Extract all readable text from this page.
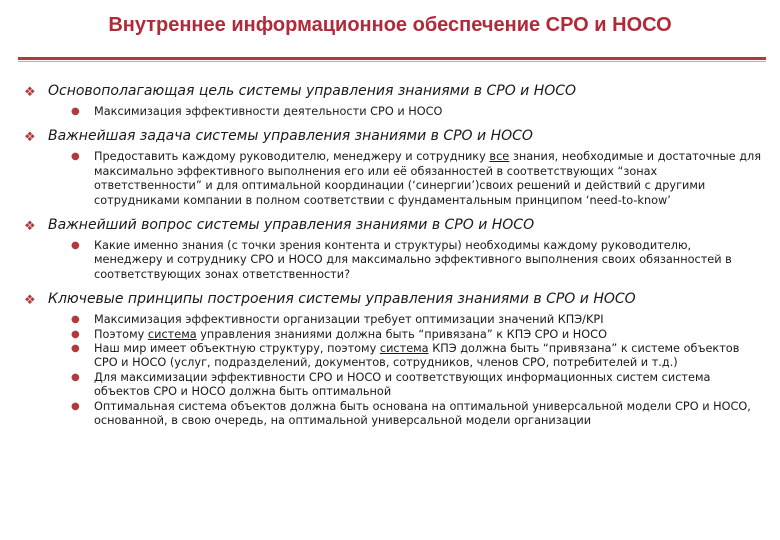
Внутреннее информационное обеспечение СРО и НОСО
❖ Основополагающая цель системы управления знаниями в СРО и НОСО
● Максимизация эффективности деятельности СРО и НОСО
❖ Важнейшая задача системы управления знаниями в СРО и НОСО
● Предоставить каждому руководителю, менеджеру и сотруднику все знания, необходимые и достаточные для максимально эффективного выполнения его или её обязанностей в соответствующих “зонах ответственности” и для оптимальной координации (‘синергии’)своих решений и действий с другими сотрудниками компании в полном соответствии с фундаментальным принципом ‘need-to-know’
❖ Важнейший вопрос системы управления знаниями в СРО и НОСО
● Какие именно знания (с точки зрения контента и структуры) необходимы каждому руководителю, менеджеру и сотруднику СРО и НОСО для максимально эффективного выполнения своих обязанностей в соответствующих зонах ответственности?
❖ Ключевые принципы построения системы управления знаниями в СРО и НОСО
● Максимизация эффективности организации требует оптимизации значений КПЭ/KPI
● Поэтому система управления знаниями должна быть “привязана” к КПЭ СРО и НОСО
● Наш мир имеет объектную структуру, поэтому система КПЭ должна быть “привязана” к системе объектов СРО и НОСО (услуг, подразделений, документов, сотрудников, членов СРО, потребителей и т.д.)
● Для максимизации эффективности СРО и НОСО и соответствующих информационных систем система объектов СРО и НОСО должна быть оптимальной
● Оптимальная система объектов должна быть основана на оптимальной универсальной модели СРО и НОСО, основанной, в свою очередь, на оптимальной универсальной модели организации
